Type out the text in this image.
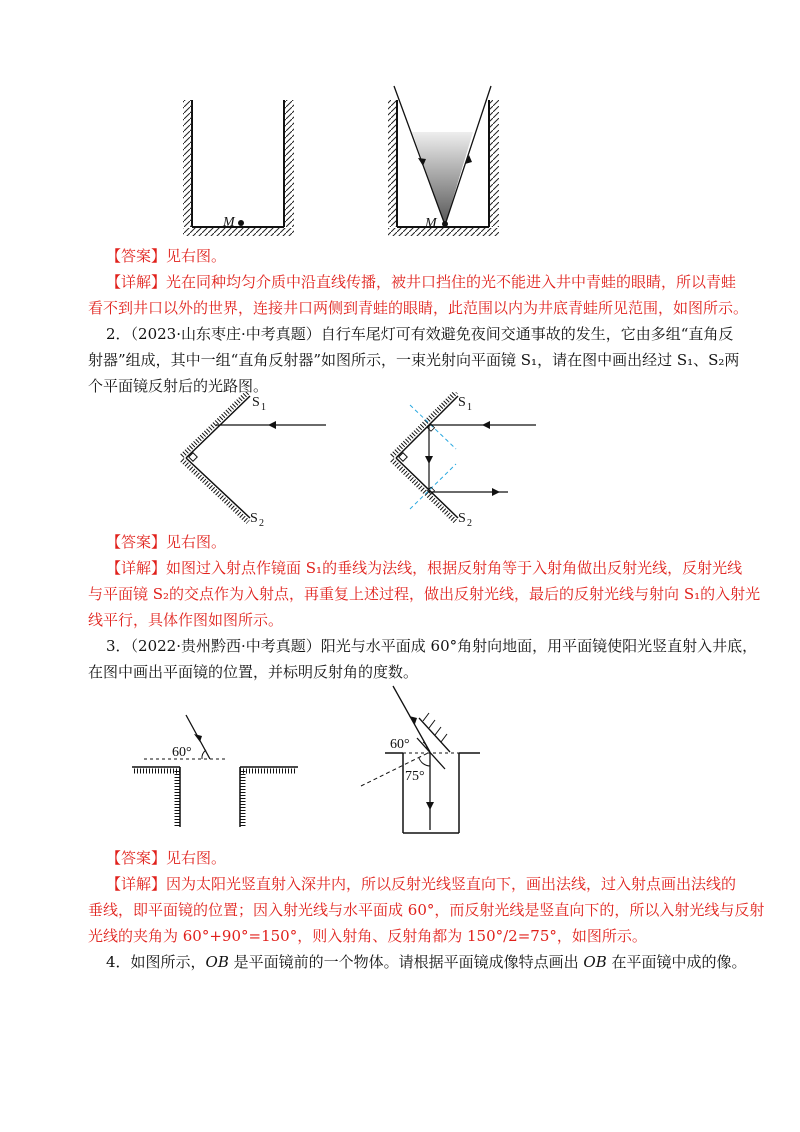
M	M
【答案】见右图。
【详解】光在同种均匀介质中沿直线传播，被井口挡住的光不能进入井中青蛙的眼睛，所以青蛙
看不到井口以外的世界，连接井口两侧到青蛙的眼睛，此范围以内为井底青蛙所见范围，如图所示。
2．（2023·山东枣庄·中考真题）自行车尾灯可有效避免夜间交通事故的发生，它由多组“直角反
射器”组成，其中一组“直角反射器”如图所示，一束光射向平面镜 S₁，请在图中画出经过 S₁、S₂两
个平面镜反射后的光路图。
S 1
S 2
S 1
S 2
【答案】见右图。
【详解】如图过入射点作镜面 S₁的垂线为法线，根据反射角等于入射角做出反射光线，反射光线
与平面镜 S₂的交点作为入射点，再重复上述过程，做出反射光线，最后的反射光线与射向 S₁的入射光
线平行，具体作图如图所示。
3．（2022·贵州黔西·中考真题）阳光与水平面成 60°角射向地面，用平面镜使阳光竖直射入井底，
在图中画出平面镜的位置，并标明反射角的度数。
60°
60°
75°
【答案】见右图。
【详解】因为太阳光竖直射入深井内，所以反射光线竖直向下，画出法线，过入射点画出法线的
垂线，即平面镜的位置；因入射光线与水平面成 60°，而反射光线是竖直向下的，所以入射光线与反射
光线的夹角为 60°+90°=150°，则入射角、反射角都为 150°/2=75°，如图所示。
4．如图所示，OB 是平面镜前的一个物体。请根据平面镜成像特点画出 OB 在平面镜中成的像。
